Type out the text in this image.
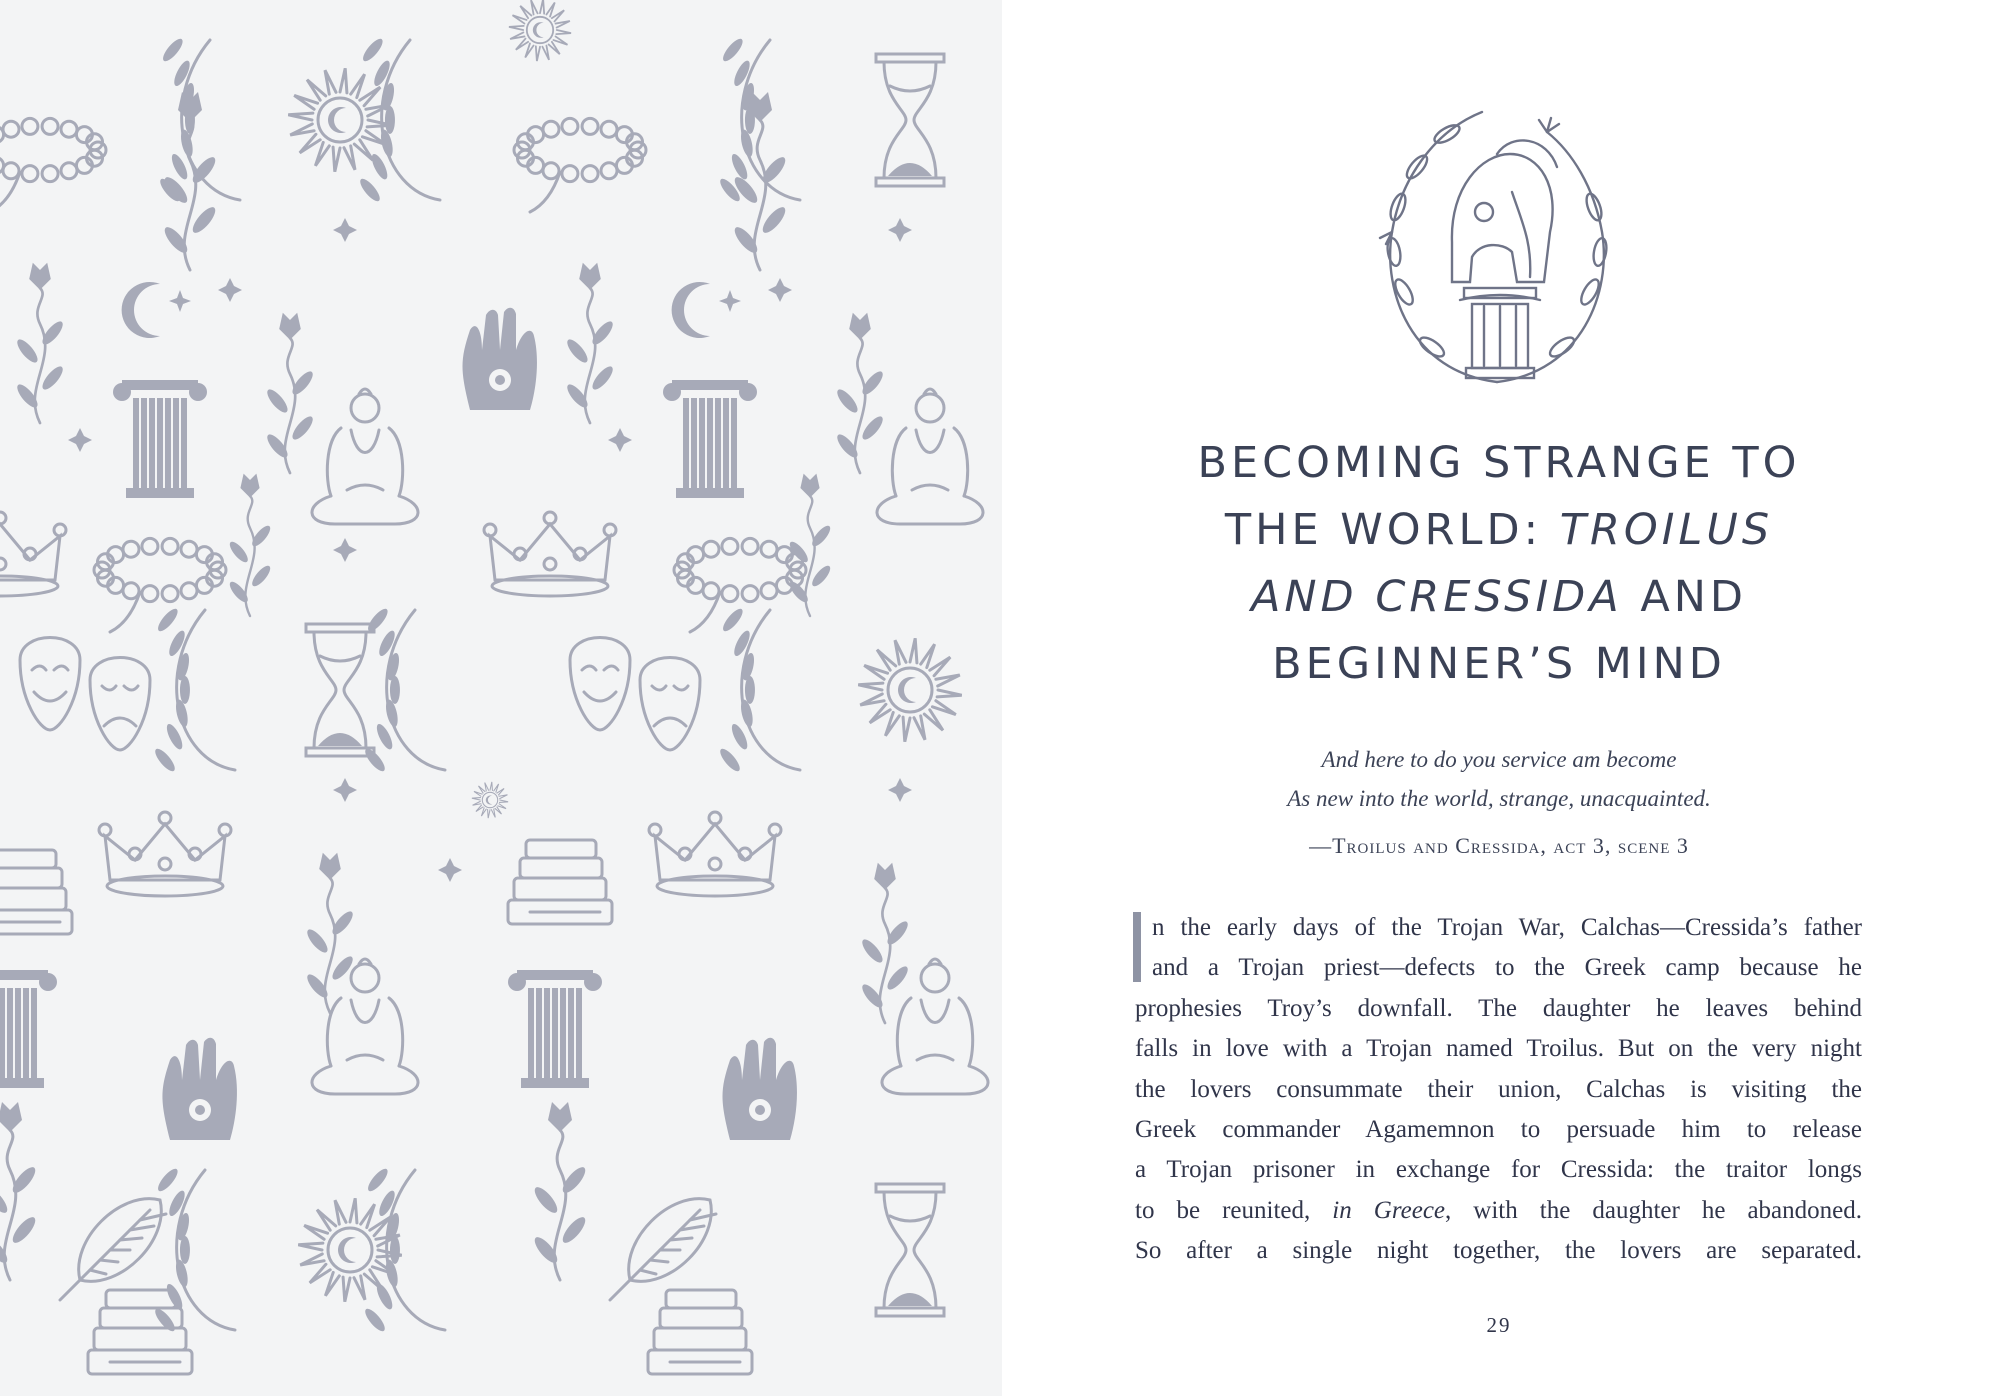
BECOMING STRANGE TO
THE WORLD: TROILUS
AND CRESSIDA AND
BEGINNER’S MIND
And here to do you service am become
As new into the world, strange, unacquainted.
—Troilus and Cressida, act 3, scene 3
n the early days of the Trojan War, Calchas—Cressida’s father
and a Trojan priest—defects to the Greek camp because he
prophesies Troy’s downfall. The daughter he leaves behind
falls in love with a Trojan named Troilus. But on the very night
the lovers consummate their union, Calchas is visiting the
Greek commander Agamemnon to persuade him to release
a Trojan prisoner in exchange for Cressida: the traitor longs
to be reunited, in Greece, with the daughter he abandoned.
So after a single night together, the lovers are separated.
29
